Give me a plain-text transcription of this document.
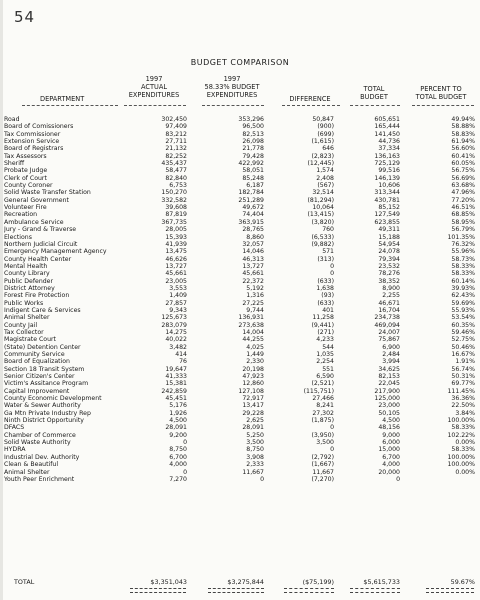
54
BUDGET COMPARISON
DEPARTMENT
1997
ACTUAL
EXPENDITURES
1997
58.33% BUDGET
EXPENDITURES	DIFFERENCE
TOTAL
BUDGET
PERCENT TO
TOTAL BUDGET
Road	302,450	353,296	50,847	605,651	49.94%
Board of Comissioners	97,409	96,500	(900)	165,444	58.88%
Tax Commissioner	83,212	82,513	(699)	141,450	58.83%
Extension Service	27,711	26,098	(1,615)	44,736	61.94%
Board of Registrars	21,132	21,778	646	37,334	56.60%
Tax Assessors	82,252	79,428	(2,823)	136,163	60.41%
Sheriff	435,437	422,992	(12,445)	725,129	60.05%
Probate Judge	58,477	58,051	1,574	99,516	56.75%
Clerk of Court	82,840	85,248	2,408	146,139	56.69%
County Coroner	6,753	6,187	(567)	10,606	63.68%
Solid Waste Transfer Station	150,270	182,784	32,514	313,344	47.96%
General Government	332,582	251,289	(81,294)	430,781	77.20%
Volunteer Fire	39,608	49,672	10,064	85,152	46.51%
Recreation	87,819	74,404	(13,415)	127,549	68.85%
Ambulance Service	367,735	363,915	(3,820)	623,855	58.95%
Jury - Grand & Traverse	28,005	28,765	760	49,311	56.79%
Elections	15,393	8,860	(6,533)	15,188	101.35%
Northern Judicial Circuit	41,939	32,057	(9,882)	54,954	76.32%
Emergency Management Agency	13,475	14,046	571	24,078	55.96%
County Health Center	46,626	46,313	(313)	79,394	58.73%
Mental Health	13,727	13,727	0	23,532	58.33%
County Library	45,661	45,661	0	78,276	58.33%
Public Defender	23,005	22,372	(633)	38,352	60.14%
District Attorney	3,553	5,192	1,638	8,900	39.93%
Forest Fire Protection	1,409	1,316	(93)	2,255	62.43%
Public Works	27,857	27,225	(633)	46,671	59.69%
Indigent Care & Services	9,343	9,744	401	16,704	55.93%
Animal Shelter	125,673	136,931	11,258	234,738	53.54%
County Jail	283,079	273,638	(9,441)	469,094	60.35%
Tax Collector	14,275	14,004	(271)	24,007	59.46%
Magistrate Court	40,022	44,255	4,233	75,867	52.75%
(State) Detention Center	3,482	4,025	544	6,900	50.46%
Community Service	414	1,449	1,035	2,484	16.67%
Board of Equalization	76	2,330	2,254	3,994	1.91%
Section 18 Transit System	19,647	20,198	551	34,625	56.74%
Senior Citizen's Center	41,333	47,923	6,590	82,153	50.31%
Victim's Assitance Program	15,381	12,860	(2,521)	22,045	69.77%
Capital Improvement	242,859	127,108	(115,751)	217,900	111.45%
County Economic Development	45,451	72,917	27,466	125,000	36.36%
Water & Sewer Authority	5,176	13,417	8,241	23,000	22.50%
Ga Mtn Private Industry Rep	1,926	29,228	27,302	50,105	3.84%
Ninth District Opportunity	4,500	2,625	(1,875)	4,500	100.00%
DFACS	28,091	28,091	0	48,156	58.33%
Chamber of Commerce	9,200	5,250	(3,950)	9,000	102.22%
Solid Waste Authority	0	3,500	3,500	6,000	0.00%
HYDRA	8,750	8,750	0	15,000	58.33%
Industrial Dev. Authority	6,700	3,908	(2,792)	6,700	100.00%
Clean & Beautiful	4,000	2,333	(1,667)	4,000	100.00%
Animal Shelter	0	11,667	11,667	20,000	0.00%
Youth Peer Enrichment	7,270	0	(7,270)	0
TOTAL	$3,351,043	$3,275,844	($75,199)	$5,615,733	59.67%
